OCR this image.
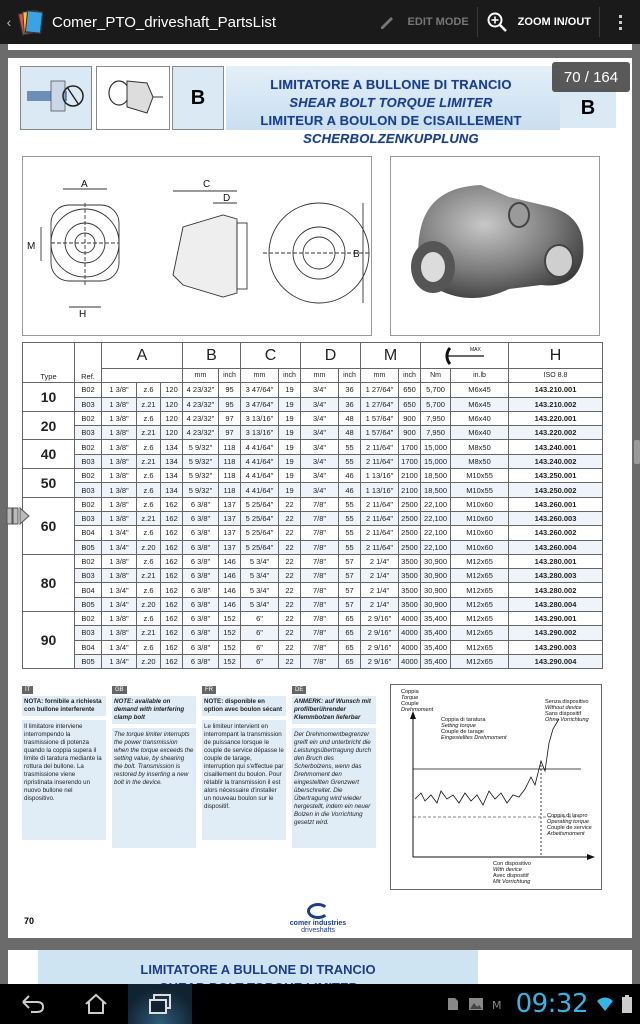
‹	Comer_PTO_driveshaft_PartsList	EDIT MODE	ZOOM IN/OUT
70 / 164
B
LIMITATORE A BULLONE DI TRANCIO
SHEAR BOLT TORQUE LIMITER
LIMITEUR A BOULON DE CISAILLEMENT
SCHERBOLZENKUPPLUNG
B
A
M
H
C
D
B
Type	Ref.	A			B		C		D		M		MAX		H	
					mm	inch	mm	inch	mm	inch	mm	inch	Nm	in.lb	ISO 8.8	
10	B02	1 3/8"	z.6	120	4 23/32"	95	3 47/64"	19	3/4"	36	1 27/64"	650	5,700	M6x45	143.210.001	
	B03	1 3/8"	z.21	120	4 23/32"	95	3 47/64"	19	3/4"	36	1 27/64"	650	5,700	M6x45	143.210.002	
20	B02	1 3/8"	z.6	120	4 23/32"	97	3 13/16"	19	3/4"	48	1 57/64"	900	7,950	M6x40	143.220.001	
	B03	1 3/8"	z.21	120	4 23/32"	97	3 13/16"	19	3/4"	48	1 57/64"	900	7,950	M6x40	143.220.002	
40	B02	1 3/8"	z.6	134	5 9/32"	118	4 41/64"	19	3/4"	55	2 11/64"	1700	15,000	M8x50	143.240.001	
	B03	1 3/8"	z.21	134	5 9/32"	118	4 41/64"	19	3/4"	55	2 11/64"	1700	15,000	M8x50	143.240.002	
50	B02	1 3/8"	z.6	134	5 9/32"	118	4 41/64"	19	3/4"	46	1 13/16"	2100	18,500	M10x55	143.250.001	
	B03	1 3/8"	z.6	134	5 9/32"	118	4 41/64"	19	3/4"	46	1 13/16"	2100	18,500	M10x55	143.250.002	
60	B02	1 3/8"	z.6	162	6 3/8"	137	5 25/64"	22	7/8"	55	2 11/64"	2500	22,100	M10x60	143.260.001	
	B03	1 3/8"	z.21	162	6 3/8"	137	5 25/64"	22	7/8"	55	2 11/64"	2500	22,100	M10x60	143.260.003	
	B04	1 3/4"	z.6	162	6 3/8"	137	5 25/64"	22	7/8"	55	2 11/64"	2500	22,100	M10x60	143.260.002	
	B05	1 3/4"	z.20	162	6 3/8"	137	5 25/64"	22	7/8"	55	2 11/64"	2500	22,100	M10x60	143.260.004	
80	B02	1 3/8"	z.6	162	6 3/8"	146	5 3/4"	22	7/8"	57	2 1/4"	3500	30,900	M12x65	143.280.001	
	B03	1 3/8"	z.21	162	6 3/8"	146	5 3/4"	22	7/8"	57	2 1/4"	3500	30,900	M12x65	143.280.003	
	B04	1 3/4"	z.6	162	6 3/8"	146	5 3/4"	22	7/8"	57	2 1/4"	3500	30,900	M12x65	143.280.002	
	B05	1 3/4"	z.20	162	6 3/8"	146	5 3/4"	22	7/8"	57	2 1/4"	3500	30,900	M12x65	143.280.004	
90	B02	1 3/8"	z.6	162	6 3/8"	152	6"	22	7/8"	65	2 9/16"	4000	35,400	M12x65	143.290.001	
	B03	1 3/8"	z.21	162	6 3/8"	152	6"	22	7/8"	65	2 9/16"	4000	35,400	M12x65	143.290.002	
	B04	1 3/4"	z.6	162	6 3/8"	152	6"	22	7/8"	65	2 9/16"	4000	35,400	M12x65	143.290.003	
	B05	1 3/4"	z.20	162	6 3/8"	152	6"	22	7/8"	65	2 9/16"	4000	35,400	M12x65	143.290.004	
IT
NOTA: fornibile a richiesta con bullone interferente
Il limitatore interviene interrompendo la trasmissione di potenza quando la coppia supera il limite di taratura mediante la rottura del bullone. La trasmissione viene ripristinata inserendo un nuovo bullone nel dispositivo.
GB
NOTE: available on demand with interfering clamp bolt
The torque limiter interrupts the power transmission when the torque exceeds the setting value, by shearing the bolt. Transmission is restored by inserting a new bolt in the device.
FR
NOTE: disponible en option avec boulon sécant
Le limiteur intervient en interrompant la transmission de puissance lorsque le couple de service dépasse le couple de tarage, interruption qui s'effectue par cisaillement du boulon. Pour rétablir la transmission il est alors nécessaire d'installer un nouveau boulon sur le dispositif.
DE
ANMERK: auf Wunsch mit profilberührender Klemmbolzen lieferbar
Der Drehmomentbegrenzer greift ein und unterbricht die Leistungsübertragung durch den Bruch des Scherbolzens, wenn das Drehmoment den eingestellten Grenzwert überschreitet. Die Übertragung wird wieder hergestellt, indem ein neuer Bolzen in die Vorrichtung gesetzt wird.
Coppia
Torque
Couple
Drehmoment
Coppia di taratura
Setting torque
Couple de tarage
Eingestelltes Drehmoment
Senza dispositivo
Without device
Sans dispositif
Ohne Vorrichtung
Coppia di lavoro
Operating torque
Couple de service
Arbeitsmoment
Con dispositivo
With device
Avec dispositif
Mit Vorrichtung
70	comer industries
driveshafts
LIMITATORE A BULLONE DI TRANCIO
M 09:32
